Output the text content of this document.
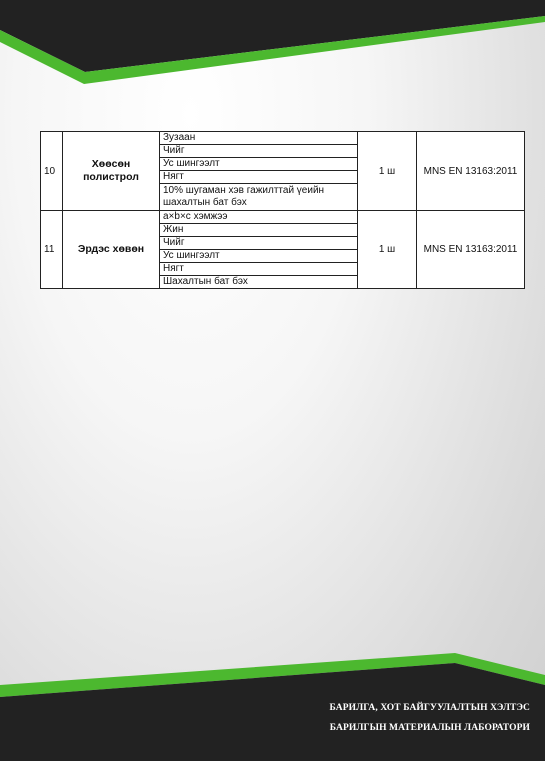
10	Хөөсөн полистрол	Зузаан	1 ш	MNS EN 13163:2011
		Чийг		
		Ус шингээлт		
		Нягт		
		10% шугаман хэв гажилттай үеийн шахалтын бат бэх		
11	Эрдэс хөвөн	a×b×c хэмжээ	1 ш	MNS EN 13163:2011
		Жин		
		Чийг		
		Ус шингээлт		
		Нягт		
		Шахалтын бат бэх		
БАРИЛГА, ХОТ БАЙГУУЛАЛТЫН ХЭЛТЭС
БАРИЛГЫН МАТЕРИАЛЫН ЛАБОРАТОРИ
